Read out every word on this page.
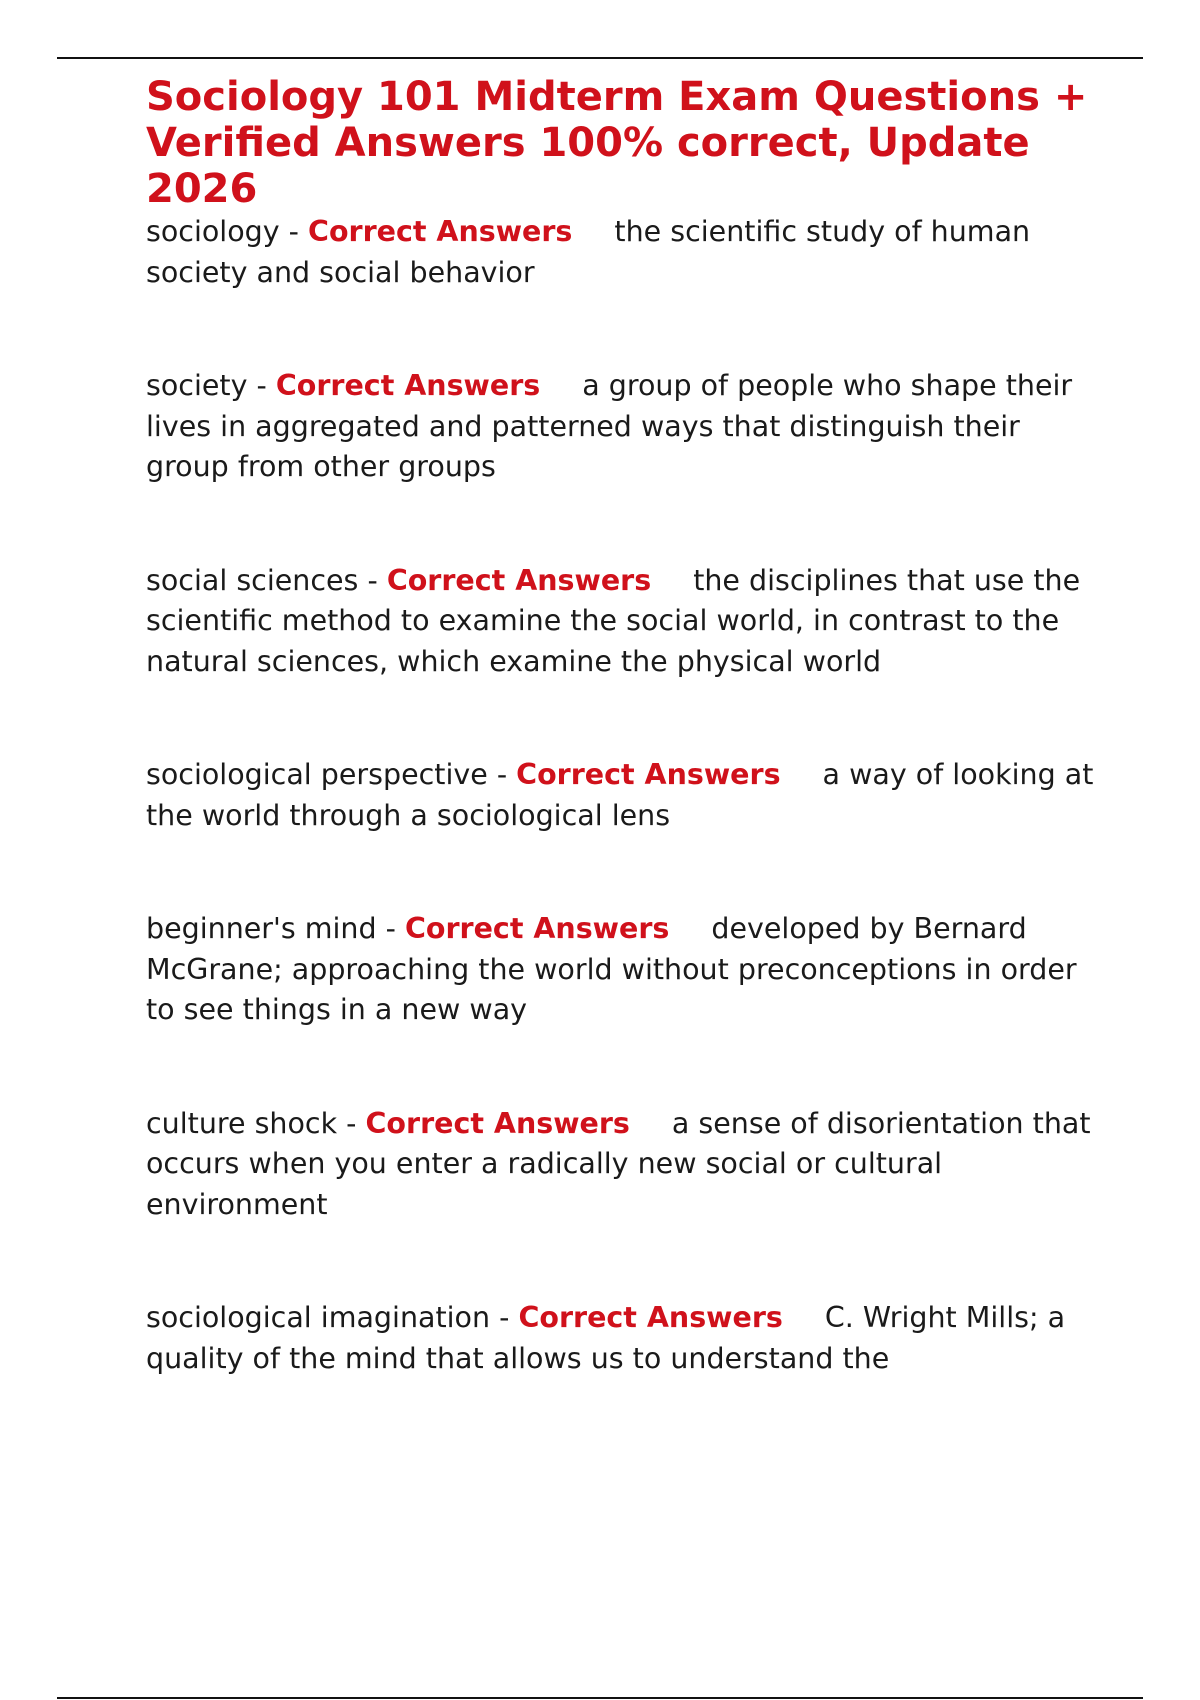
Sociology 101 Midterm Exam Questions + Verified Answers 100% correct, Update 2026

sociology - Correct Answers the scientific study of human society and social behavior

society - Correct Answers a group of people who shape their lives in aggregated and patterned ways that distinguish their group from other groups

social sciences - Correct Answers the disciplines that use the scientific method to examine the social world, in contrast to the natural sciences, which examine the physical world

sociological perspective - Correct Answers a way of looking at the world through a sociological lens

beginner's mind - Correct Answers developed by Bernard McGrane; approaching the world without preconceptions in order to see things in a new way

culture shock - Correct Answers a sense of disorientation that occurs when you enter a radically new social or cultural environment

sociological imagination - Correct Answers C. Wright Mills; a quality of the mind that allows us to understand the
